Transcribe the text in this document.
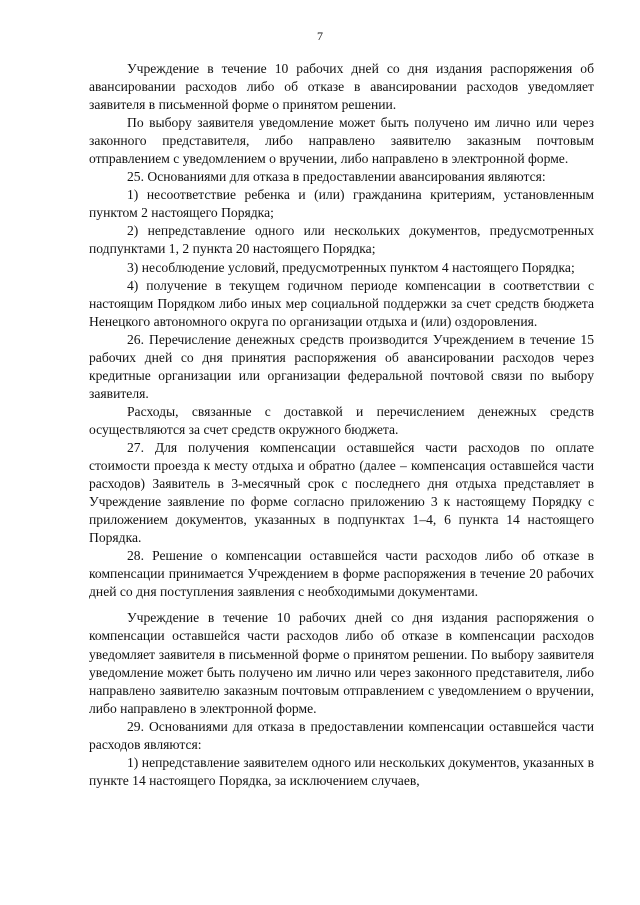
7

Учреждение в течение 10 рабочих дней со дня издания распоряжения об авансировании расходов либо об отказе в авансировании расходов уведомляет заявителя в письменной форме о принятом решении.

По выбору заявителя уведомление может быть получено им лично или через законного представителя, либо направлено заявителю заказным почтовым отправлением с уведомлением о вручении, либо направлено в электронной форме.

25. Основаниями для отказа в предоставлении авансирования являются:

1) несоответствие ребенка и (или) гражданина критериям, установленным пунктом 2 настоящего Порядка;

2) непредставление одного или нескольких документов, предусмотренных подпунктами 1, 2 пункта 20 настоящего Порядка;

3) несоблюдение условий, предусмотренных пунктом 4 настоящего Порядка;

4) получение в текущем годичном периоде компенсации в соответствии с настоящим Порядком либо иных мер социальной поддержки за счет средств бюджета Ненецкого автономного округа по организации отдыха и (или) оздоровления.

26. Перечисление денежных средств производится Учреждением в течение 15 рабочих дней со дня принятия распоряжения об авансировании расходов через кредитные организации или организации федеральной почтовой связи по выбору заявителя.

Расходы, связанные с доставкой и перечислением денежных средств осуществляются за счет средств окружного бюджета.

27. Для получения компенсации оставшейся части расходов по оплате стоимости проезда к месту отдыха и обратно (далее – компенсация оставшейся части расходов) Заявитель в 3-месячный срок с последнего дня отдыха представляет в Учреждение заявление по форме согласно приложению 3 к настоящему Порядку с приложением документов, указанных в подпунктах 1–4, 6 пункта 14 настоящего Порядка.

28. Решение о компенсации оставшейся части расходов либо об отказе в компенсации принимается Учреждением в форме распоряжения в течение 20 рабочих дней со дня поступления заявления с необходимыми документами.

Учреждение в течение 10 рабочих дней со дня издания распоряжения о компенсации оставшейся части расходов либо об отказе в компенсации расходов уведомляет заявителя в письменной форме о принятом решении. По выбору заявителя уведомление может быть получено им лично или через законного представителя, либо направлено заявителю заказным почтовым отправлением с уведомлением о вручении, либо направлено в электронной форме.

29. Основаниями для отказа в предоставлении компенсации оставшейся части расходов являются:

1) непредставление заявителем одного или нескольких документов, указанных в пункте 14 настоящего Порядка, за исключением случаев,
